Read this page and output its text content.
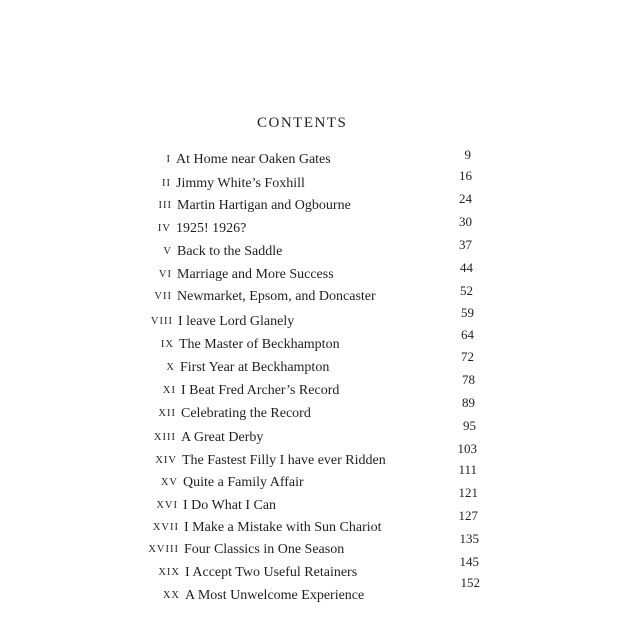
CONTENTS
I At Home near Oaken Gates
II Jimmy White’s Foxhill
III Martin Hartigan and Ogbourne
IV 1925! 1926?
V Back to the Saddle
VI Marriage and More Success
VII Newmarket, Epsom, and Doncaster
VIII I leave Lord Glanely
IX The Master of Beckhampton
X First Year at Beckhampton
XI I Beat Fred Archer’s Record
XII Celebrating the Record
XIII A Great Derby
XIV The Fastest Filly I have ever Ridden
XV Quite a Family Affair
XVI I Do What I Can
XVII I Make a Mistake with Sun Chariot
XVIII Four Classics in One Season
XIX I Accept Two Useful Retainers
XX A Most Unwelcome Experience
9
16
24
30
37
44
52
59
64
72
78
89
95
103
111
121
127
135
145
152
